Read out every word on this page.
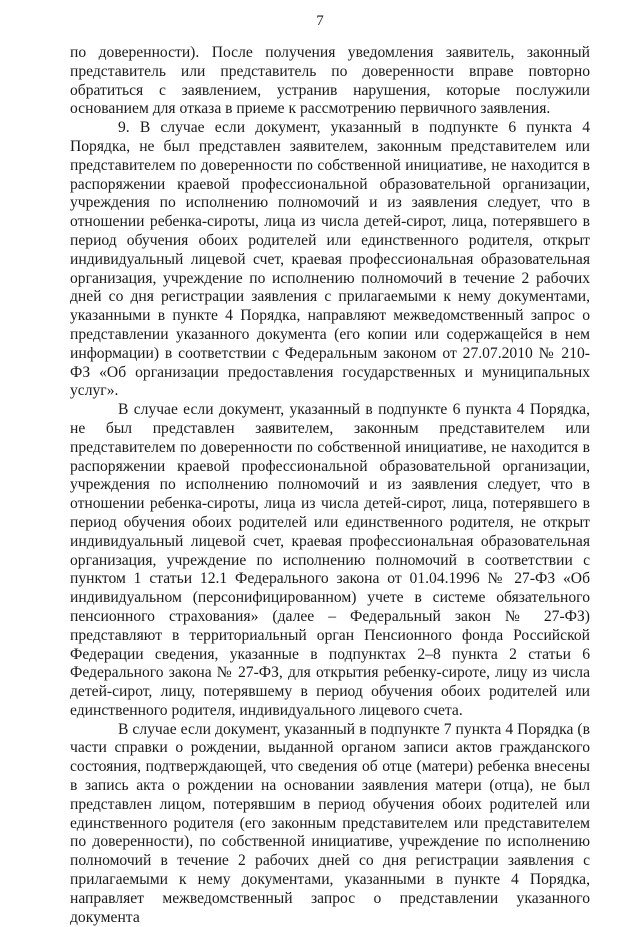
7

по доверенности). После получения уведомления заявитель, законный представитель или представитель по доверенности вправе повторно обратиться с заявлением, устранив нарушения, которые послужили основанием для отказа в приеме к рассмотрению первичного заявления.

9. В случае если документ, указанный в подпункте 6 пункта 4 Порядка, не был представлен заявителем, законным представителем или представителем по доверенности по собственной инициативе, не находится в распоряжении краевой профессиональной образовательной организации, учреждения по исполнению полномочий и из заявления следует, что в отношении ребенка-сироты, лица из числа детей-сирот, лица, потерявшего в период обучения обоих родителей или единственного родителя, открыт индивидуальный лицевой счет, краевая профессиональная образовательная организация, учреждение по исполнению полномочий в течение 2 рабочих дней со дня регистрации заявления с прилагаемыми к нему документами, указанными в пункте 4 Порядка, направляют межведомственный запрос о представлении указанного документа (его копии или содержащейся в нем информации) в соответствии с Федеральным законом от 27.07.2010 № 210-ФЗ «Об организации предоставления государственных и муниципальных услуг».

В случае если документ, указанный в подпункте 6 пункта 4 Порядка, не был представлен заявителем, законным представителем или представителем по доверенности по собственной инициативе, не находится в распоряжении краевой профессиональной образовательной организации, учреждения по исполнению полномочий и из заявления следует, что в отношении ребенка-сироты, лица из числа детей-сирот, лица, потерявшего в период обучения обоих родителей или единственного родителя, не открыт индивидуальный лицевой счет, краевая профессиональная образовательная организация, учреждение по исполнению полномочий в соответствии с пунктом 1 статьи 12.1 Федерального закона от 01.04.1996 № 27-ФЗ «Об индивидуальном (персонифицированном) учете в системе обязательного пенсионного страхования» (далее – Федеральный закон № 27-ФЗ) представляют в территориальный орган Пенсионного фонда Российской Федерации сведения, указанные в подпунктах 2–8 пункта 2 статьи 6 Федерального закона № 27-ФЗ, для открытия ребенку-сироте, лицу из числа детей-сирот, лицу, потерявшему в период обучения обоих родителей или единственного родителя, индивидуального лицевого счета.

В случае если документ, указанный в подпункте 7 пункта 4 Порядка (в части справки о рождении, выданной органом записи актов гражданского состояния, подтверждающей, что сведения об отце (матери) ребенка внесены в запись акта о рождении на основании заявления матери (отца), не был представлен лицом, потерявшим в период обучения обоих родителей или единственного родителя (его законным представителем или представителем по доверенности), по собственной инициативе, учреждение по исполнению полномочий в течение 2 рабочих дней со дня регистрации заявления с прилагаемыми к нему документами, указанными в пункте 4 Порядка, направляет межведомственный запрос о представлении указанного документа
